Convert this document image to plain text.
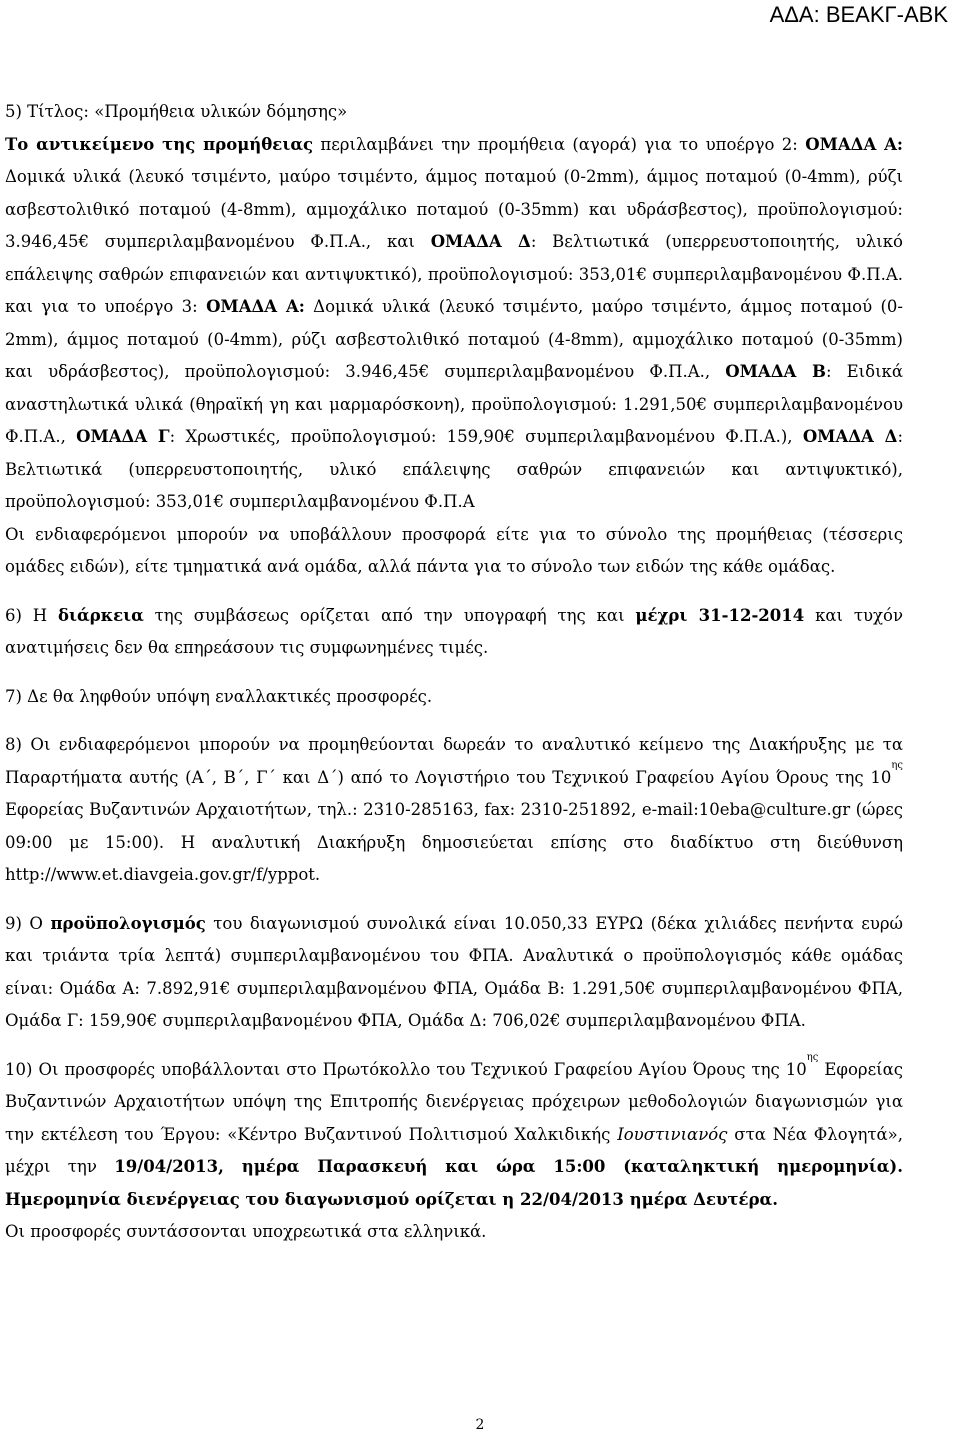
ΑΔΑ: ΒΕΑΚΓ-ΑΒΚ

5) Τίτλος: «Προμήθεια υλικών δόμησης»

Το αντικείμενο της προμήθειας περιλαμβάνει την προμήθεια (αγορά) για το υποέργο 2: ΟΜΑΔΑ Α: Δομικά υλικά (λευκό τσιμέντο, μαύρο τσιμέντο, άμμος ποταμού (0-2mm), άμμος ποταμού (0-4mm), ρύζι ασβεστολιθικό ποταμού (4-8mm), αμμοχάλικο ποταμού (0-35mm) και υδράσβεστος), προϋπολογισμού: 3.946,45€ συμπεριλαμβανομένου Φ.Π.Α., και ΟΜΑΔΑ Δ: Βελτιωτικά (υπερρευστοποιητής, υλικό επάλειψης σαθρών επιφανειών και αντιψυκτικό), προϋπολογισμού: 353,01€ συμπεριλαμβανομένου Φ.Π.Α. και για το υποέργο 3: ΟΜΑΔΑ Α: Δομικά υλικά (λευκό τσιμέντο, μαύρο τσιμέντο, άμμος ποταμού (0-2mm), άμμος ποταμού (0-4mm), ρύζι ασβεστολιθικό ποταμού (4-8mm), αμμοχάλικο ποταμού (0-35mm) και υδράσβεστος), προϋπολογισμού: 3.946,45€ συμπεριλαμβανομένου Φ.Π.Α., ΟΜΑΔΑ Β: Ειδικά αναστηλωτικά υλικά (θηραϊκή γη και μαρμαρόσκονη), προϋπολογισμού: 1.291,50€ συμπεριλαμβανομένου Φ.Π.Α., ΟΜΑΔΑ Γ: Χρωστικές, προϋπολογισμού: 159,90€ συμπεριλαμβανομένου Φ.Π.Α.), ΟΜΑΔΑ Δ: Βελτιωτικά (υπερρευστοποιητής, υλικό επάλειψης σαθρών επιφανειών και αντιψυκτικό), προϋπολογισμού: 353,01€ συμπεριλαμβανομένου Φ.Π.Α

Οι ενδιαφερόμενοι μπορούν να υποβάλλουν προσφορά είτε για το σύνολο της προμήθειας (τέσσερις ομάδες ειδών), είτε τμηματικά ανά ομάδα, αλλά πάντα για το σύνολο των ειδών της κάθε ομάδας.

6) Η διάρκεια της συμβάσεως ορίζεται από την υπογραφή της και μέχρι 31-12-2014 και τυχόν ανατιμήσεις δεν θα επηρεάσουν τις συμφωνημένες τιμές.

7) Δε θα ληφθούν υπόψη εναλλακτικές προσφορές.

8) Οι ενδιαφερόμενοι μπορούν να προμηθεύονται δωρεάν το αναλυτικό κείμενο της Διακήρυξης με τα Παραρτήματα αυτής (Α΄, Β΄, Γ΄ και Δ΄) από το Λογιστήριο του Τεχνικού Γραφείου Αγίου Όρους της $10^{\eta\varsigma}$ Εφορείας Βυζαντινών Αρχαιοτήτων, τηλ.: 2310-285163, fax: 2310-251892, e-mail:10eba@culture.gr (ώρες 09:00 με 15:00). Η αναλυτική Διακήρυξη δημοσιεύεται επίσης στο διαδίκτυο στη διεύθυνση http://www.et.diavgeia.gov.gr/f/yppot.

9) Ο προϋπολογισμός του διαγωνισμού συνολικά είναι 10.050,33 ΕΥΡΩ (δέκα χιλιάδες πενήντα ευρώ και τριάντα τρία λεπτά) συμπεριλαμβανομένου του ΦΠΑ. Αναλυτικά ο προϋπολογισμός κάθε ομάδας είναι: Ομάδα Α: 7.892,91€ συμπεριλαμβανομένου ΦΠΑ, Ομάδα Β: 1.291,50€ συμπεριλαμβανομένου ΦΠΑ, Ομάδα Γ: 159,90€ συμπεριλαμβανομένου ΦΠΑ, Ομάδα Δ: 706,02€ συμπεριλαμβανομένου ΦΠΑ.

10) Οι προσφορές υποβάλλονται στο Πρωτόκολλο του Τεχνικού Γραφείου Αγίου Όρους της $10^{\eta\varsigma}$ Εφορείας Βυζαντινών Αρχαιοτήτων υπόψη της Επιτροπής διενέργειας πρόχειρων μεθοδολογιών διαγωνισμών για την εκτέλεση του Έργου: «Κέντρο Βυζαντινού Πολιτισμού Χαλκιδικής Ιουστινιανός στα Νέα Φλογητά», μέχρι την 19/04/2013, ημέρα Παρασκευή και ώρα 15:00 (καταληκτική ημερομηνία). Ημερομηνία διενέργειας του διαγωνισμού ορίζεται η 22/04/2013 ημέρα Δευτέρα.

Οι προσφορές συντάσσονται υποχρεωτικά στα ελληνικά.

2
